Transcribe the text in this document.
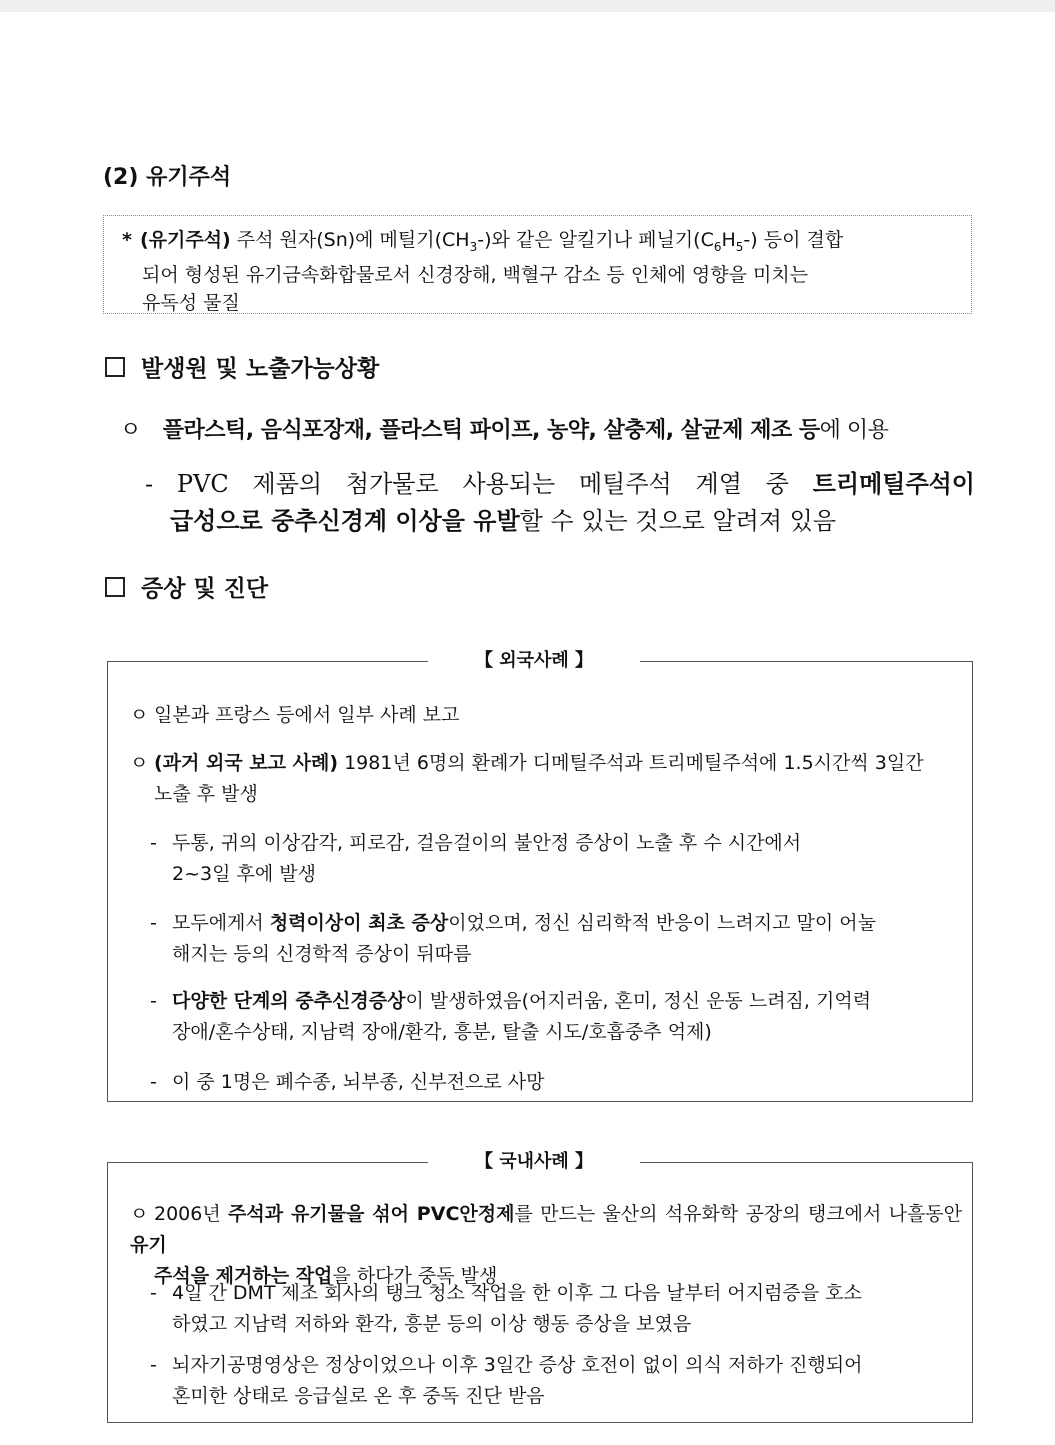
(2) 유기주석
* (유기주석) 주석 원자(Sn)에 메틸기$(CH_3-)$와 같은 알킬기나 페닐기$(C_6H_5-)$ 등이 결합
되어 형성된 유기금속화합물로서 신경장해, 백혈구 감소 등 인체에 영향을 미치는
유독성 물질
발생원 및 노출가능상황
ㅇ 플라스틱, 음식포장재, 플라스틱 파이프, 농약, 살충제, 살균제 제조 등에 이용
- PVC 제품의 첨가물로 사용되는 메틸주석 계열 중 트리메틸주석이
급성으로 중추신경계 이상을 유발할 수 있는 것으로 알려져 있음
증상 및 진단
【 외국사례 】
ㅇ 일본과 프랑스 등에서 일부 사례 보고
ㅇ (과거 외국 보고 사례) 1981년 6명의 환례가 디메틸주석과 트리메틸주석에 1.5시간씩 3일간
노출 후 발생
- 두통, 귀의 이상감각, 피로감, 걸음걸이의 불안정 증상이 노출 후 수 시간에서
2~3일 후에 발생
- 모두에게서 청력이상이 최초 증상이었으며, 정신 심리학적 반응이 느려지고 말이 어눌
해지는 등의 신경학적 증상이 뒤따름
- 다양한 단계의 중추신경증상이 발생하였음(어지러움, 혼미, 정신 운동 느려짐, 기억력
장애/혼수상태, 지남력 장애/환각, 흥분, 탈출 시도/호흡중추 억제)
- 이 중 1명은 폐수종, 뇌부종, 신부전으로 사망
【 국내사례 】
ㅇ 2006년 주석과 유기물을 섞어 PVC안정제를 만드는 울산의 석유화학 공장의 탱크에서 나흘동안 유기
주석을 제거하는 작업을 하다가 중독 발생
- 4일 간 DMT 제조 회사의 탱크 청소 작업을 한 이후 그 다음 날부터 어지럼증을 호소
하였고 지남력 저하와 환각, 흥분 등의 이상 행동 증상을 보였음
- 뇌자기공명영상은 정상이었으나 이후 3일간 증상 호전이 없이 의식 저하가 진행되어
혼미한 상태로 응급실로 온 후 중독 진단 받음
